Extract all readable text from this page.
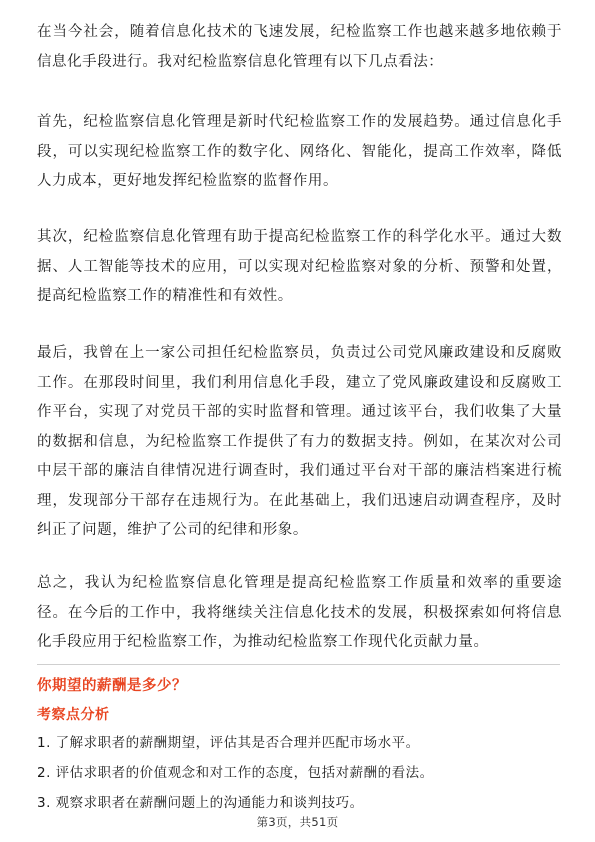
在当今社会，随着信息化技术的飞速发展，纪检监察工作也越来越多地依赖于信息化手段进行。我对纪检监察信息化管理有以下几点看法：

首先，纪检监察信息化管理是新时代纪检监察工作的发展趋势。通过信息化手段，可以实现纪检监察工作的数字化、网络化、智能化，提高工作效率，降低人力成本，更好地发挥纪检监察的监督作用。

其次，纪检监察信息化管理有助于提高纪检监察工作的科学化水平。通过大数据、人工智能等技术的应用，可以实现对纪检监察对象的分析、预警和处置，提高纪检监察工作的精准性和有效性。

最后，我曾在上一家公司担任纪检监察员，负责过公司党风廉政建设和反腐败工作。在那段时间里，我们利用信息化手段，建立了党风廉政建设和反腐败工作平台，实现了对党员干部的实时监督和管理。通过该平台，我们收集了大量的数据和信息，为纪检监察工作提供了有力的数据支持。例如，在某次对公司中层干部的廉洁自律情况进行调查时，我们通过平台对干部的廉洁档案进行梳理，发现部分干部存在违规行为。在此基础上，我们迅速启动调查程序，及时纠正了问题，维护了公司的纪律和形象。

总之，我认为纪检监察信息化管理是提高纪检监察工作质量和效率的重要途径。在今后的工作中，我将继续关注信息化技术的发展，积极探索如何将信息化手段应用于纪检监察工作，为推动纪检监察工作现代化贡献力量。

你期望的薪酬是多少？
考察点分析
1. 了解求职者的薪酬期望，评估其是否合理并匹配市场水平。
2. 评估求职者的价值观念和对工作的态度，包括对薪酬的看法。
3. 观察求职者在薪酬问题上的沟通能力和谈判技巧。
第3页，共51页
